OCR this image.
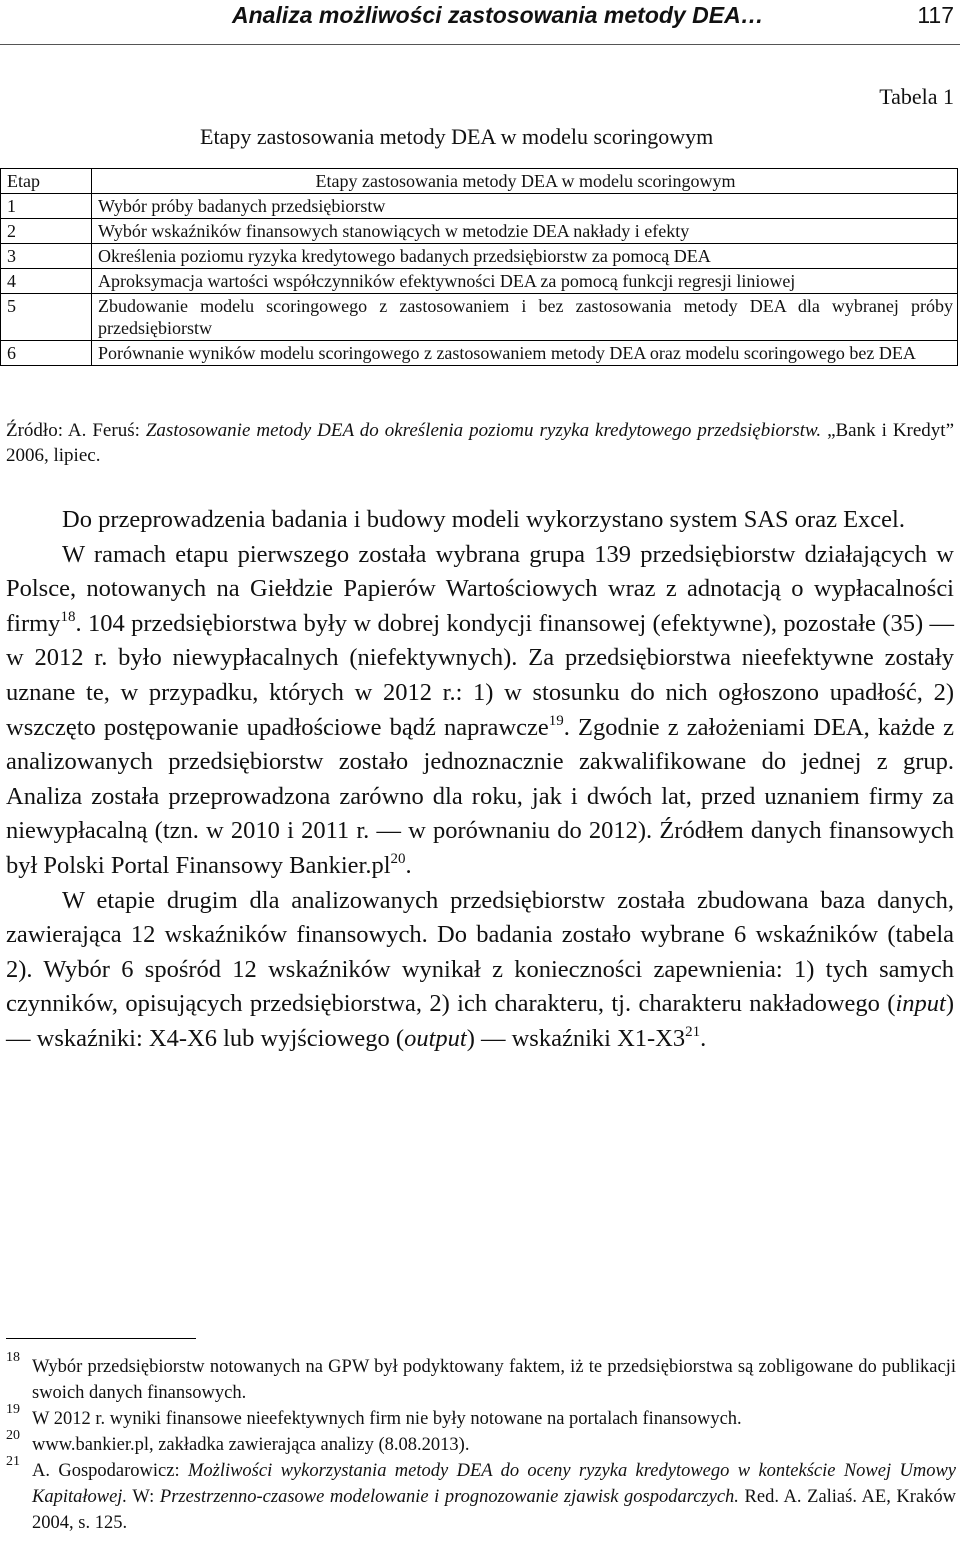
Analiza możliwości zastosowania metody DEA…	117
Tabela 1
Etapy zastosowania metody DEA w modelu scoringowym
Etap	Etapy zastosowania metody DEA w modelu scoringowym
1	Wybór próby badanych przedsiębiorstw
2	Wybór wskaźników finansowych stanowiących w metodzie DEA nakłady i efekty
3	Określenia poziomu ryzyka kredytowego badanych przedsiębiorstw za pomocą DEA
4	Aproksymacja wartości współczynników efektywności DEA za pomocą funkcji regresji liniowej
5	Zbudowanie modelu scoringowego z zastosowaniem i bez zastosowania metody DEA dla wybranej próby przedsiębiorstw
6	Porównanie wyników modelu scoringowego z zastosowaniem metody DEA oraz modelu scoringowego bez DEA
Źródło: A. Feruś: Zastosowanie metody DEA do określenia poziomu ryzyka kredytowego przedsiębiorstw. „Bank i Kredyt” 2006, lipiec.

Do przeprowadzenia badania i budowy modeli wykorzystano system SAS oraz Excel.

W ramach etapu pierwszego została wybrana grupa 139 przedsiębiorstw działających w Polsce, notowanych na Giełdzie Papierów Wartościowych wraz z adnotacją o wypłacalności firmy$^{18}$. 104 przedsiębiorstwa były w dobrej kondycji finansowej (efektywne), pozostałe (35) — w 2012 r. było niewypłacalnych (niefektywnych). Za przedsiębiorstwa nieefektywne zostały uznane te, w przypadku, których w 2012 r.: 1) w stosunku do nich ogłoszono upadłość, 2) wszczęto postępowanie upadłościowe bądź naprawcze$^{19}$. Zgodnie z założeniami DEA, każde z analizowanych przedsiębiorstw zostało jednoznacznie zakwalifikowane do jednej z grup. Analiza została przeprowadzona zarówno dla roku, jak i dwóch lat, przed uznaniem firmy za niewypłacalną (tzn. w 2010 i 2011 r. — w porównaniu do 2012). Źródłem danych finansowych był Polski Portal Finansowy $Bankier.pl^{20}$.

W etapie drugim dla analizowanych przedsiębiorstw została zbudowana baza danych, zawierająca 12 wskaźników finansowych. Do badania zostało wybrane 6 wskaźników (tabela 2). Wybór 6 spośród 12 wskaźników wynikał z konieczności zapewnienia: 1) tych samych czynników, opisujących przedsiębiorstwa, 2) ich charakteru, tj. charakteru nakładowego (input) — wskaźniki: X4-X6 lub wyjściowego (output) — wskaźniki $X1-X3^{21}$.

18 Wybór przedsiębiorstw notowanych na GPW był podyktowany faktem, iż te przedsiębiorstwa są zobligowane do publikacji swoich danych finansowych.
19 W 2012 r. wyniki finansowe nieefektywnych firm nie były notowane na portalach finansowych.
20 www.bankier.pl, zakładka zawierająca analizy (8.08.2013).
21 A. Gospodarowicz: Możliwości wykorzystania metody DEA do oceny ryzyka kredytowego w kontekście Nowej Umowy Kapitałowej. W: Przestrzenno-czasowe modelowanie i prognozowanie zjawisk gospodarczych. Red. A. Zaliaś. AE, Kraków 2004, s. 125.
